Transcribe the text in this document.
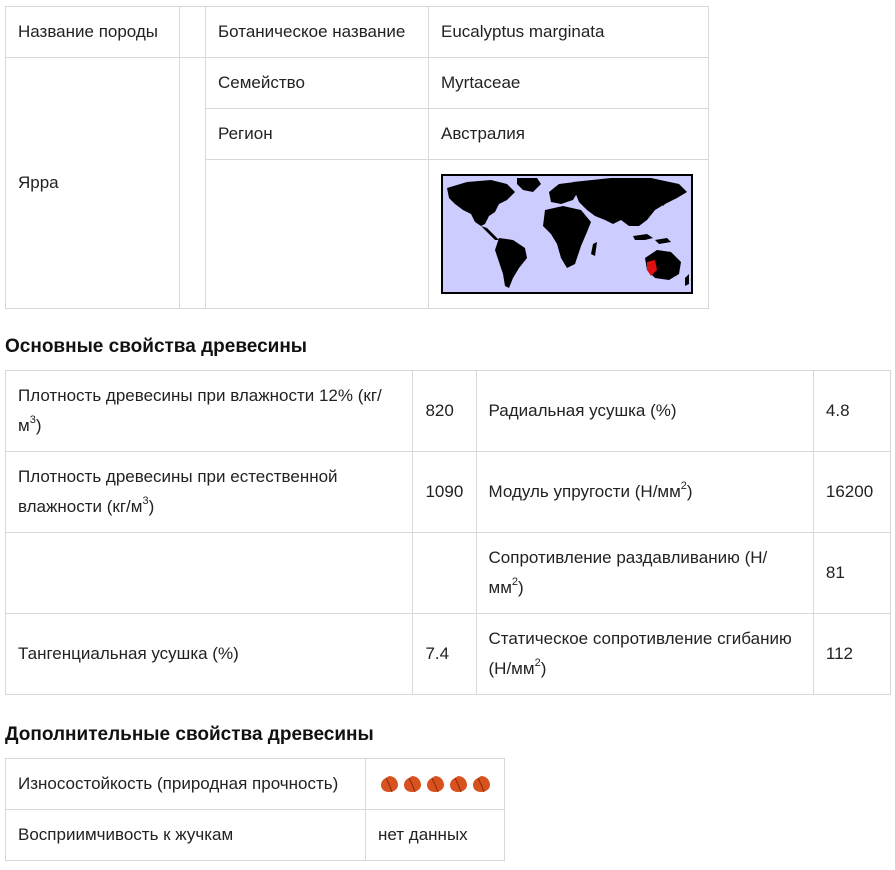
Название породы		Ботаническое название	Eucalyptus marginata
Ярра		Семейство	Myrtaceae
		Регион	Австралия

Основные свойства древесины
Плотность древесины при влажности 12% $(кг/м^3)$	820	Радиальная усушка (%)	4.8
Плотность древесины при естественной влажности $(кг/м^3)$	1090	Модуль упругости $(Н/мм^2)$	16200
		Сопротивление раздавливанию $(Н/мм^2)$	81
Тангенциальная усушка (%)	7.4	Статическое сопротивление сгибанию $(Н/мм^2)$	112
Дополнительные свойства древесины
Износостойкость (природная прочность)	

Восприимчивость к жучкам	нет данных
